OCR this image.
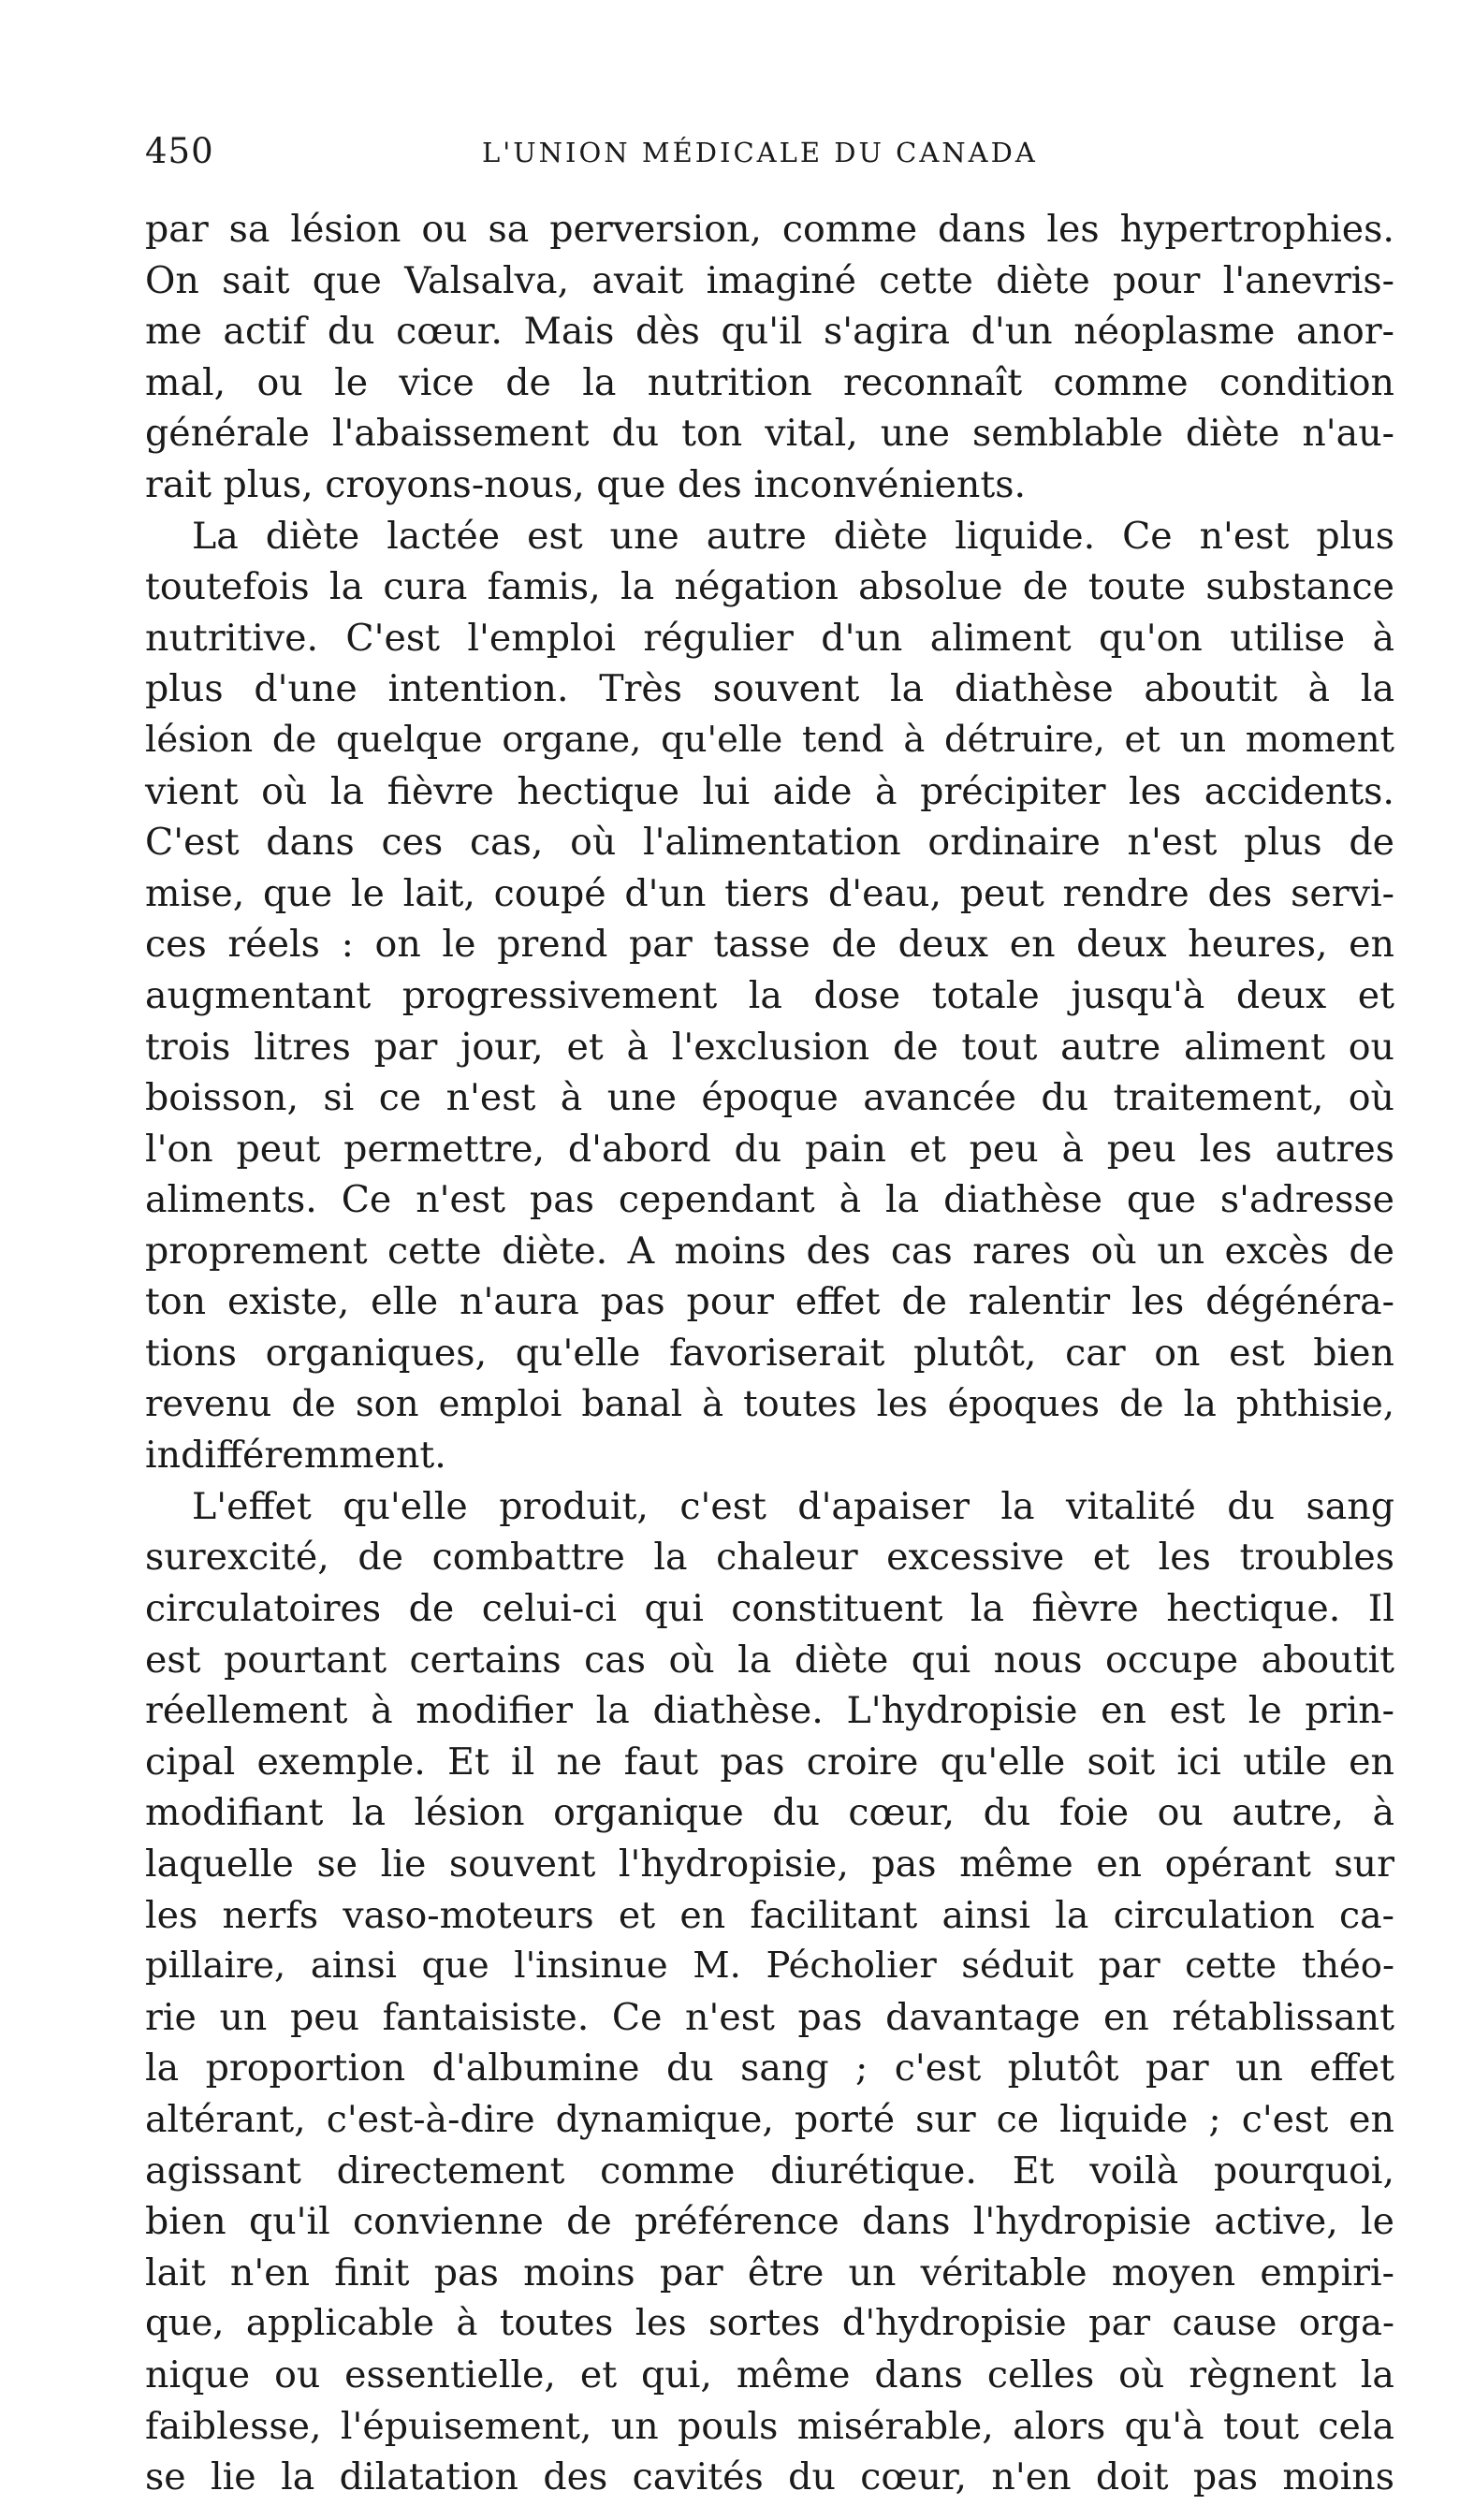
450	L'UNION MÉDICALE DU CANADA
par sa lésion ou sa perversion, comme dans les hypertrophies.
On sait que Valsalva, avait imaginé cette diète pour l'anevris-
me actif du cœur. Mais dès qu'il s'agira d'un néoplasme anor-
mal, ou le vice de la nutrition reconnaît comme condition
générale l'abaissement du ton vital, une semblable diète n'au-
rait plus, croyons-nous, que des inconvénients.
La diète lactée est une autre diète liquide. Ce n'est plus
toutefois la cura famis, la négation absolue de toute substance
nutritive. C'est l'emploi régulier d'un aliment qu'on utilise à
plus d'une intention. Très souvent la diathèse aboutit à la
lésion de quelque organe, qu'elle tend à détruire, et un moment
vient où la fièvre hectique lui aide à précipiter les accidents.
C'est dans ces cas, où l'alimentation ordinaire n'est plus de
mise, que le lait, coupé d'un tiers d'eau, peut rendre des servi-
ces réels : on le prend par tasse de deux en deux heures, en
augmentant progressivement la dose totale jusqu'à deux et
trois litres par jour, et à l'exclusion de tout autre aliment ou
boisson, si ce n'est à une époque avancée du traitement, où
l'on peut permettre, d'abord du pain et peu à peu les autres
aliments. Ce n'est pas cependant à la diathèse que s'adresse
proprement cette diète. A moins des cas rares où un excès de
ton existe, elle n'aura pas pour effet de ralentir les dégénéra-
tions organiques, qu'elle favoriserait plutôt, car on est bien
revenu de son emploi banal à toutes les époques de la phthisie,
indifféremment.
L'effet qu'elle produit, c'est d'apaiser la vitalité du sang
surexcité, de combattre la chaleur excessive et les troubles
circulatoires de celui-ci qui constituent la fièvre hectique. Il
est pourtant certains cas où la diète qui nous occupe aboutit
réellement à modifier la diathèse. L'hydropisie en est le prin-
cipal exemple. Et il ne faut pas croire qu'elle soit ici utile en
modifiant la lésion organique du cœur, du foie ou autre, à
laquelle se lie souvent l'hydropisie, pas même en opérant sur
les nerfs vaso-moteurs et en facilitant ainsi la circulation ca-
pillaire, ainsi que l'insinue M. Pécholier séduit par cette théo-
rie un peu fantaisiste. Ce n'est pas davantage en rétablissant
la proportion d'albumine du sang ; c'est plutôt par un effet
altérant, c'est-à-dire dynamique, porté sur ce liquide ; c'est en
agissant directement comme diurétique. Et voilà pourquoi,
bien qu'il convienne de préférence dans l'hydropisie active, le
lait n'en finit pas moins par être un véritable moyen empiri-
que, applicable à toutes les sortes d'hydropisie par cause orga-
nique ou essentielle, et qui, même dans celles où règnent la
faiblesse, l'épuisement, un pouls misérable, alors qu'à tout cela
se lie la dilatation des cavités du cœur, n'en doit pas moins
